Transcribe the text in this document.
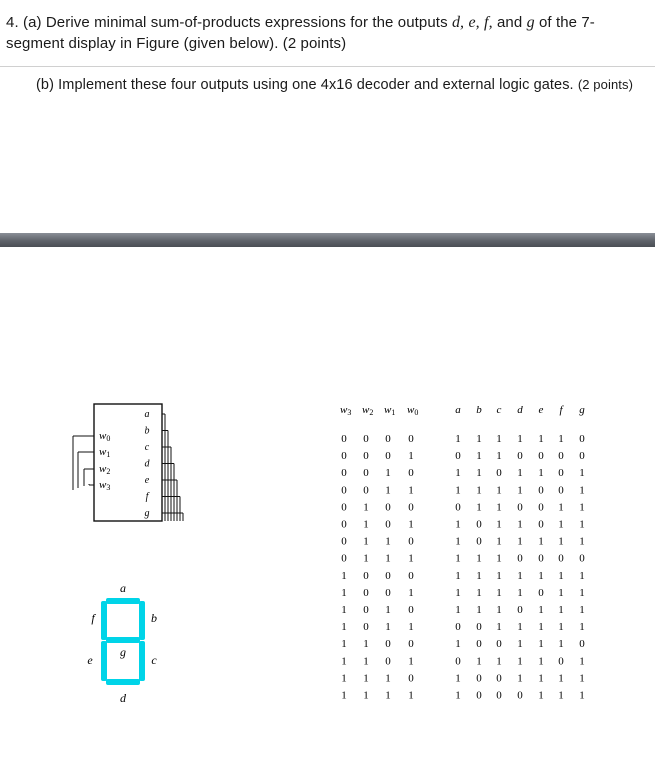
4. (a) Derive minimal sum-of-products expressions for the outputs d, e, f, and g of the 7-segment display in Figure (given below). (2 points)
(b) Implement these four outputs using one 4x16 decoder and external logic gates. (2 points)
w0
w1
w2
w3
a
b
c
d
e
f
g
a
f	b
g
e	c
d
w3 w2 w1 w0	a b c d e f g
0 0 0 0	1 1 1 1 1 1 0
0 0 0 1	0 1 1 0 0 0 0
0 0 1 0	1 1 0 1 1 0 1
0 0 1 1	1 1 1 1 0 0 1
0 1 0 0	0 1 1 0 0 1 1
0 1 0 1	1 0 1 1 0 1 1
0 1 1 0	1 0 1 1 1 1 1
0 1 1 1	1 1 1 0 0 0 0
1 0 0 0	1 1 1 1 1 1 1
1 0 0 1	1 1 1 1 0 1 1
1 0 1 0	1 1 1 0 1 1 1
1 0 1 1	0 0 1 1 1 1 1
1 1 0 0	1 0 0 1 1 1 0
1 1 0 1	0 1 1 1 1 0 1
1 1 1 0	1 0 0 1 1 1 1
1 1 1 1	1 0 0 0 1 1 1
